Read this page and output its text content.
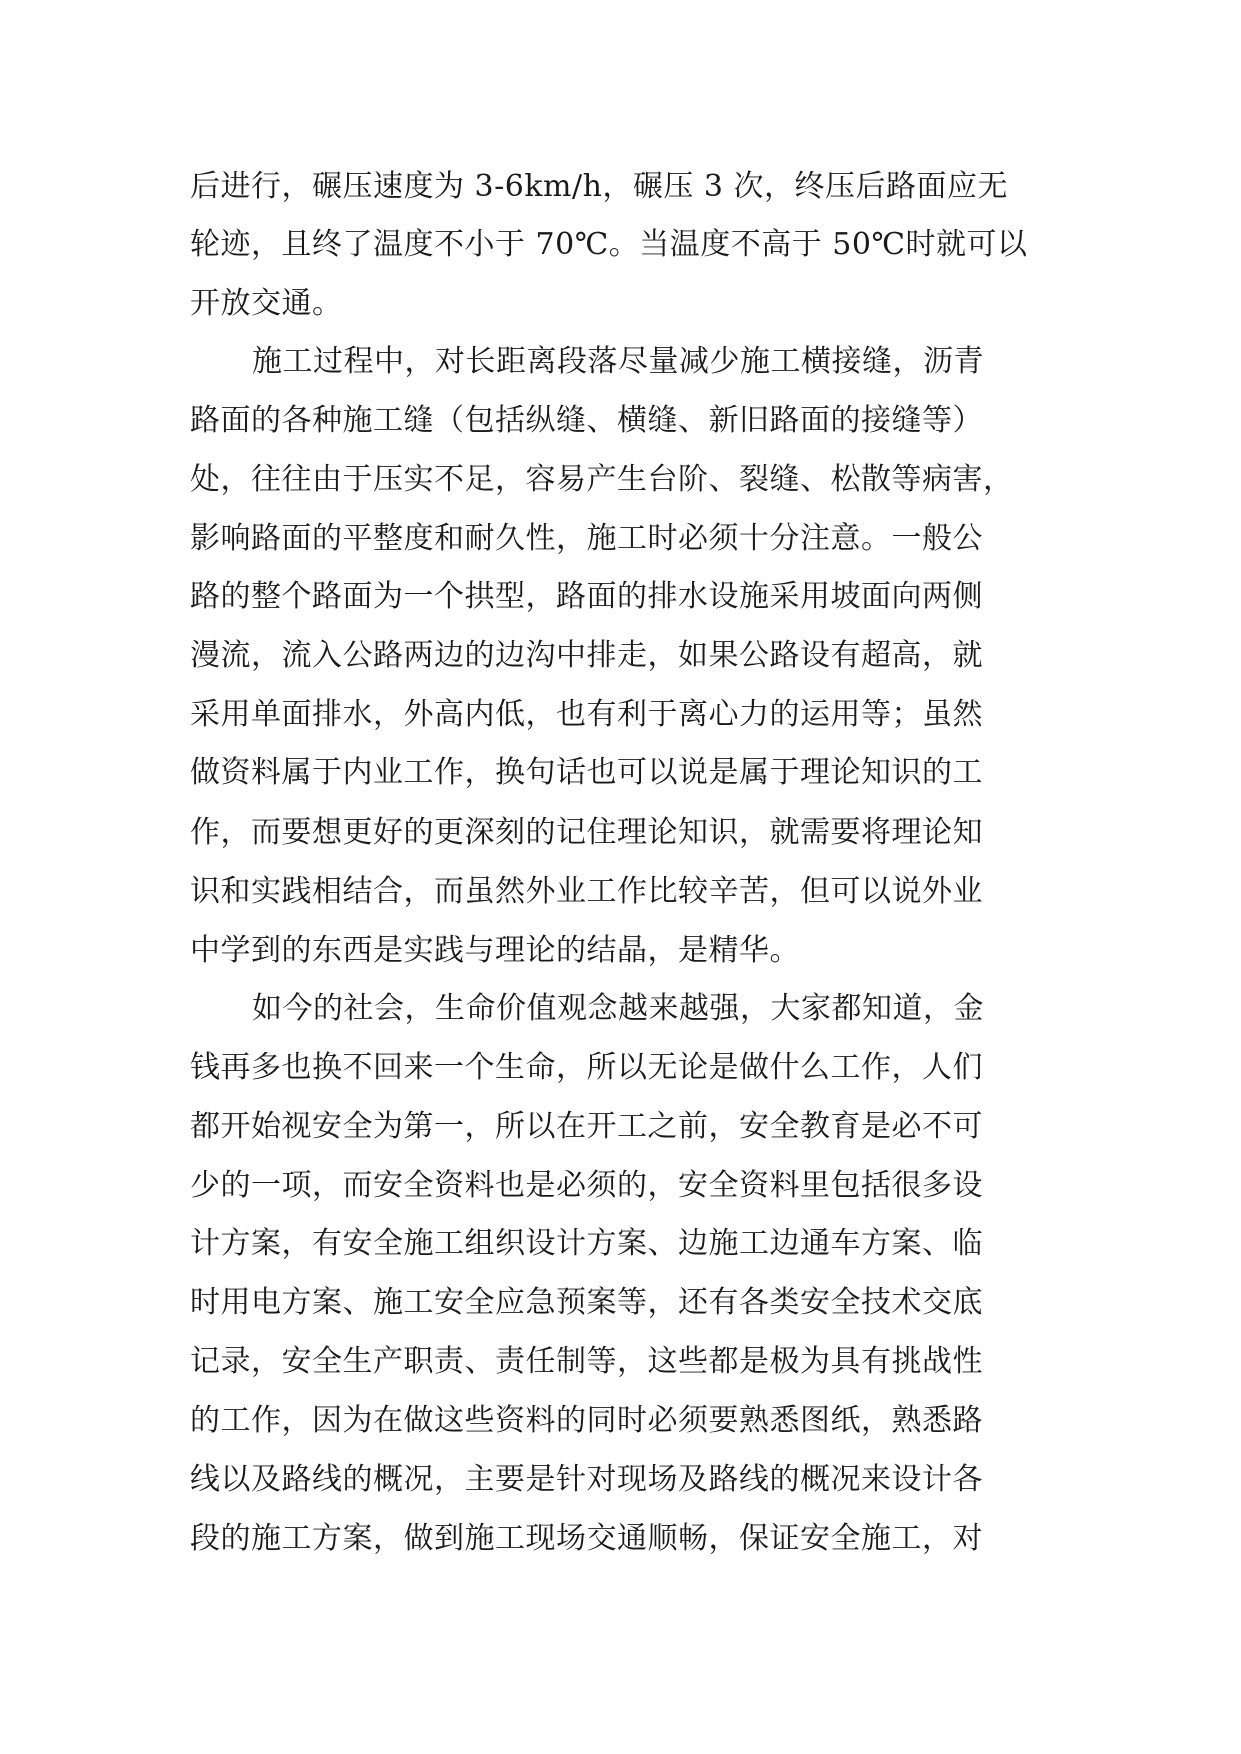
后进行，碾压速度为 3-6km/h，碾压 3 次，终压后路面应无
轮迹，且终了温度不小于 70℃。当温度不高于 50℃时就可以
开放交通。
施工过程中，对长距离段落尽量减少施工横接缝，沥青
路面的各种施工缝（包括纵缝、横缝、新旧路面的接缝等）
处，往往由于压实不足，容易产生台阶、裂缝、松散等病害，
影响路面的平整度和耐久性，施工时必须十分注意。一般公
路的整个路面为一个拱型，路面的排水设施采用坡面向两侧
漫流，流入公路两边的边沟中排走，如果公路设有超高，就
采用单面排水，外高内低，也有利于离心力的运用等；虽然
做资料属于内业工作，换句话也可以说是属于理论知识的工
作，而要想更好的更深刻的记住理论知识，就需要将理论知
识和实践相结合，而虽然外业工作比较辛苦，但可以说外业
中学到的东西是实践与理论的结晶，是精华。
如今的社会，生命价值观念越来越强，大家都知道，金
钱再多也换不回来一个生命，所以无论是做什么工作，人们
都开始视安全为第一，所以在开工之前，安全教育是必不可
少的一项，而安全资料也是必须的，安全资料里包括很多设
计方案，有安全施工组织设计方案、边施工边通车方案、临
时用电方案、施工安全应急预案等，还有各类安全技术交底
记录，安全生产职责、责任制等，这些都是极为具有挑战性
的工作，因为在做这些资料的同时必须要熟悉图纸，熟悉路
线以及路线的概况，主要是针对现场及路线的概况来设计各
段的施工方案，做到施工现场交通顺畅，保证安全施工，对
